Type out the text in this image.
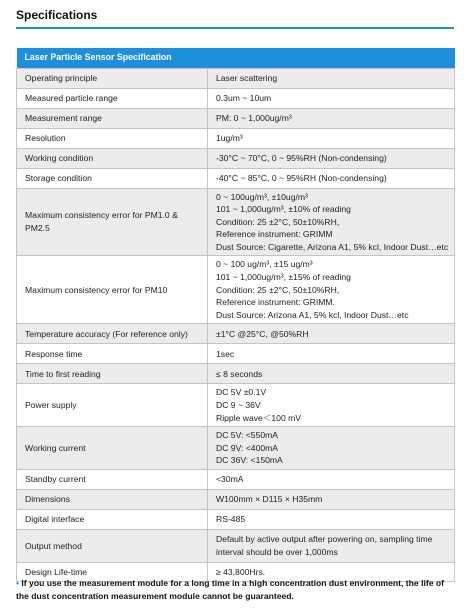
Specifications
Laser Particle Sensor Specification	
Operating principle	Laser scattering

Measured particle range	0.3um ~ 10um

Measurement range	PM: 0 ~ 1,000ug/m³

Resolution	1ug/m³

Working condition	-30°C ~ 70°C, 0 ~ 95%RH (Non-condensing)

Storage condition	-40°C ~ 85°C, 0 ~ 95%RH (Non-condensing)

Maximum consistency error for PM1.0 & PM2.5	0 ~ 100ug/m³, ±10ug/m³
101 ~ 1,000ug/m³, ±10% of reading
Condition: 25 ±2°C, 50±10%RH,
Reference instrument: GRIMM
Dust Source: Cigarette, Arizona A1, 5% kcl, Indoor Dust…etc

Maximum consistency error for PM10	0 ~ 100 ug/m³, ±15 ug/m³
101 ~ 1,000ug/m³, ±15% of reading
Condition: 25 ±2°C, 50±10%RH,
Reference instrument: GRIMM.
Dust Source: Arizona A1, 5% kcl, Indoor Dust…etc

Temperature accuracy (For reference only)	±1°C @25°C, @50%RH

Response time	1sec

Time to first reading	≤ 8 seconds

Power supply	DC 5V ±0.1V
DC 9 ~ 36V
Ripple wave＜100 mV

Working current	DC 5V: <550mA
DC 9V: <400mA
DC 36V: <150mA

Standby current	<30mA

Dimensions	W100mm × D115 × H35mm

Digital interface	RS-485

Output method	Default by active output after powering on, sampling time
interval should be over 1,000ms

Design Life-time	≥ 43,800Hrs.
• If you use the measurement module for a long time in a high concentration dust environment, the life of the dust concentration measurement module cannot be guaranteed.
